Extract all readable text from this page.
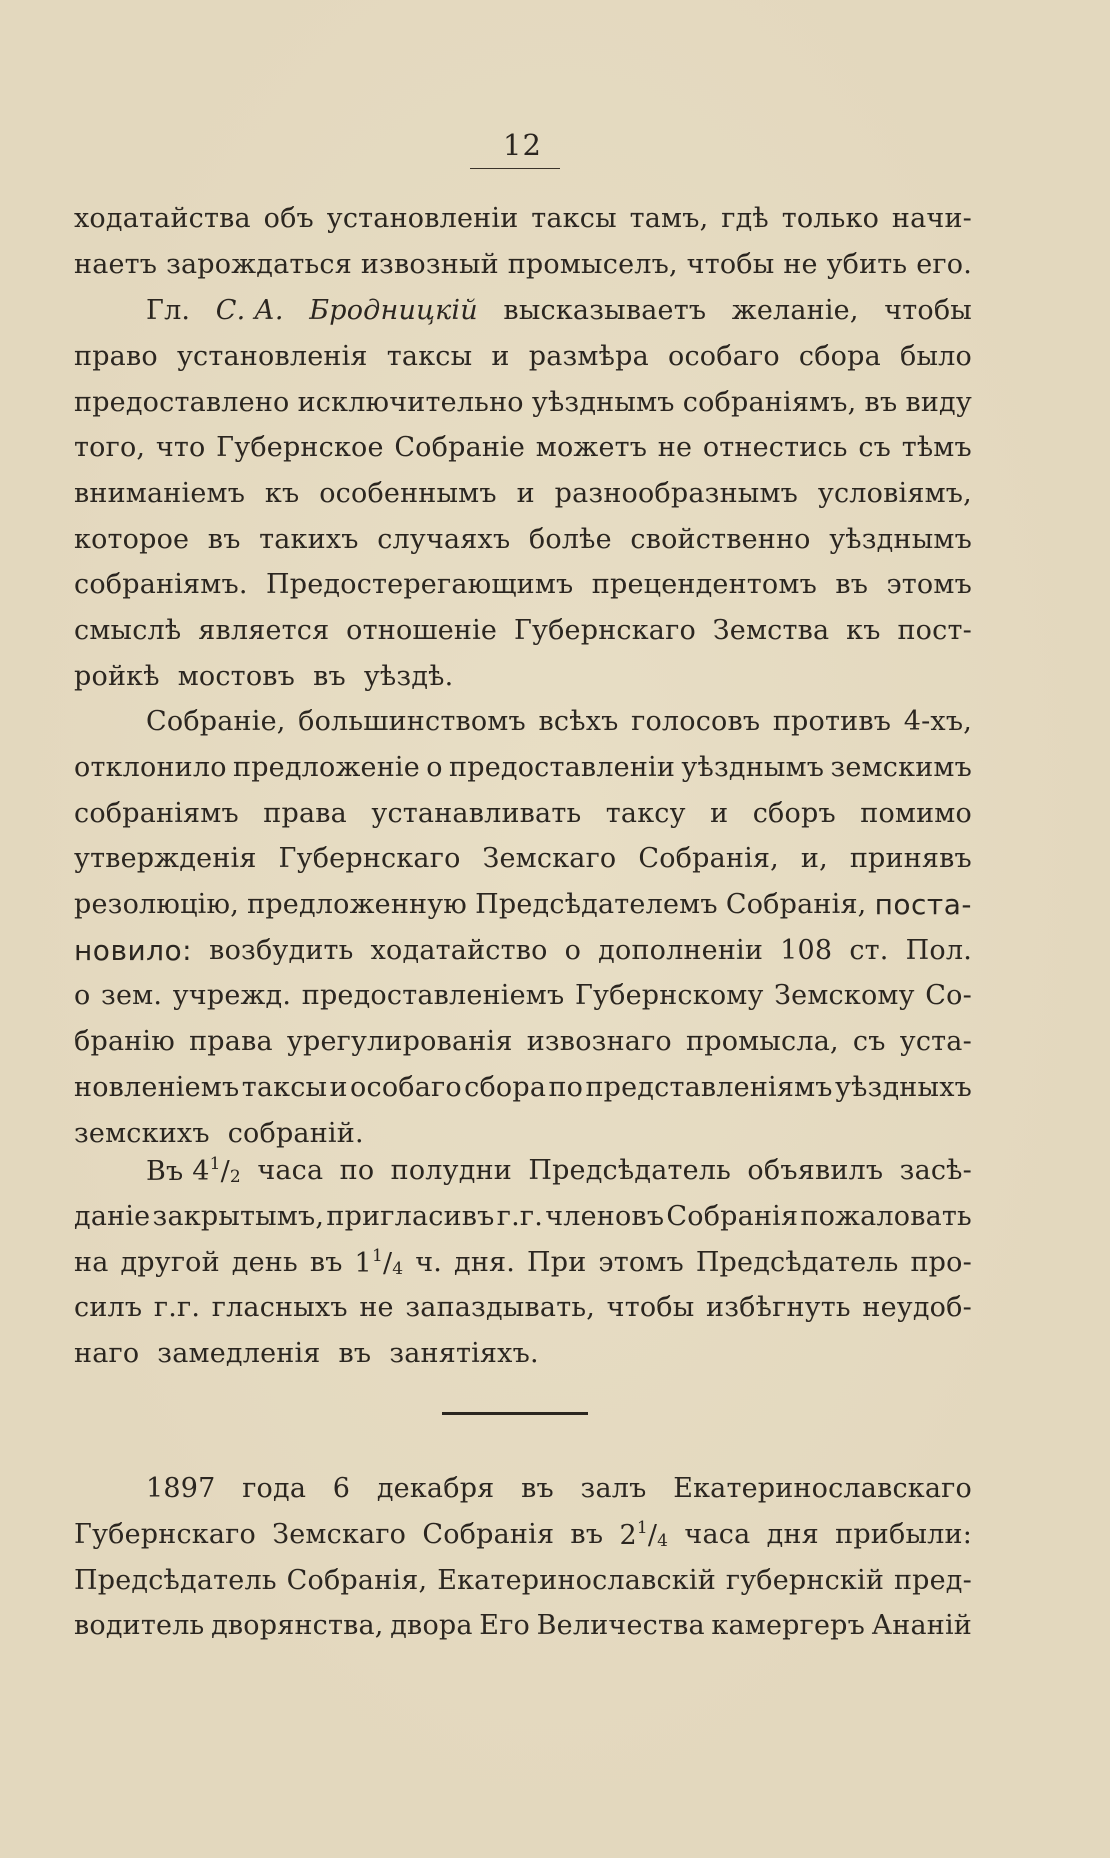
12
ходатайства объ установленіи таксы тамъ, гдѣ только начи-
наетъ зарождаться извозный промыселъ, чтобы не убить его.
Гл. С. А. Бродницкій высказываетъ желаніе, чтобы
право установленія таксы и размѣра особаго сбора было
предоставлено исключительно уѣзднымъ собраніямъ, въ виду
того, что Губернское Собраніе можетъ не отнестись съ тѣмъ
вниманіемъ къ особеннымъ и разнообразнымъ условіямъ,
которое въ такихъ случаяхъ болѣе свойственно уѣзднымъ
собраніямъ. Предостерегающимъ прецендентомъ въ этомъ
смыслѣ является отношеніе Губернскаго Земства къ пост-
ройкѣ мостовъ въ уѣздѣ.
Собраніе, большинствомъ всѣхъ голосовъ противъ 4-хъ,
отклонило предложеніе о предоставленіи уѣзднымъ земскимъ
собраніямъ права устанавливать таксу и сборъ помимо
утвержденія Губернскаго Земскаго Собранія, и, принявъ
резолюцію, предложенную Предсѣдателемъ Собранія, поста-
новило: возбудить ходатайство о дополненіи 108 ст. Пол.
о зем. учрежд. предоставленіемъ Губернскому Земскому Со-
бранію права урегулированія извознаго промысла, съ уста-
новленіемъ таксы и особаго сбора по представленіямъ уѣздныхъ
земскихъ собраній.
Въ $4^1/_2$ часа по полудни Предсѣдатель объявилъ засѣ-
даніе закрытымъ, пригласивъ г.г. членовъ Собранія пожаловать
на другой день въ $1^1/_4$ ч. дня. При этомъ Предсѣдатель про-
силъ г.г. гласныхъ не запаздывать, чтобы избѣгнуть неудоб-
наго замедленія въ занятіяхъ.
1897 года 6 декабря въ залъ Екатеринославскаго
Губернскаго Земскаго Собранія въ $2^1/_4$ часа дня прибыли:
Предсѣдатель Собранія, Екатеринославскій губернскій пред-
водитель дворянства, двора Его Величества камергеръ Ананій
